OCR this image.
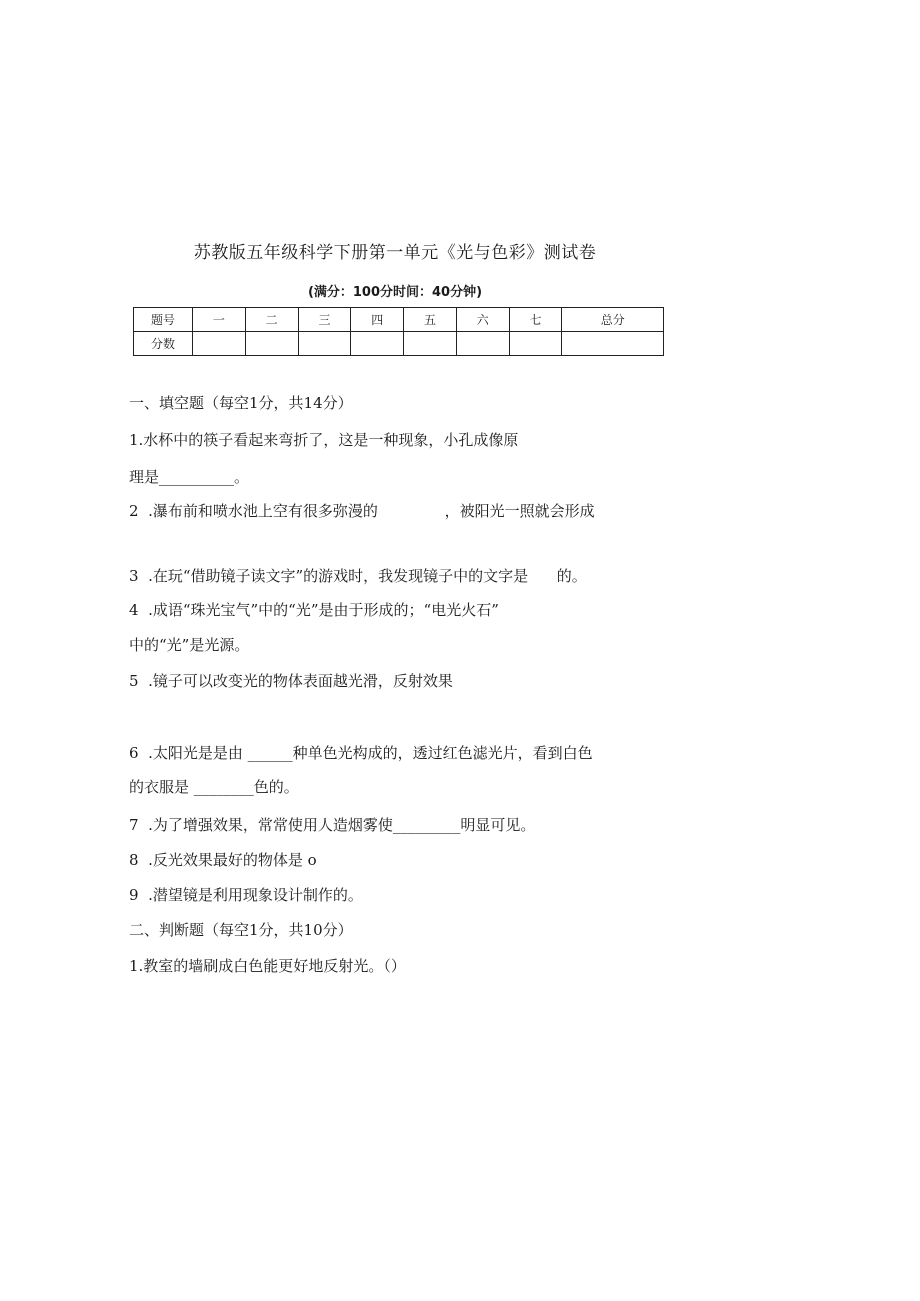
苏教版五年级科学下册第一单元《光与色彩》测试卷
(满分：100分时间：40分钟)
题号	一	二	三	四	五	六	七	总分
分数								
一、填空题（每空1分，共14分）
1.水杯中的筷子看起来弯折了，这是一种现象，小孔成像原
理是__________。
2  .瀑布前和喷水池上空有很多弥漫的              ，被阳光一照就会形成
3  .在玩“借助镜子读文字”的游戏时，我发现镜子中的文字是      的。
4  .成语“珠光宝气”中的“光”是由于形成的；“电光火石”
中的“光”是光源。
5  .镜子可以改变光的物体表面越光滑，反射效果
6  .太阳光是是由 ______种单色光构成的，透过红色滤光片，看到白色
的衣服是 ________色的。
7  .为了增强效果，常常使用人造烟雾使_________明显可见。
8  .反光效果最好的物体是 o
9  .潜望镜是利用现象设计制作的。
二、判断题（每空1分，共10分）
1.教室的墙刷成白色能更好地反射光。（）
